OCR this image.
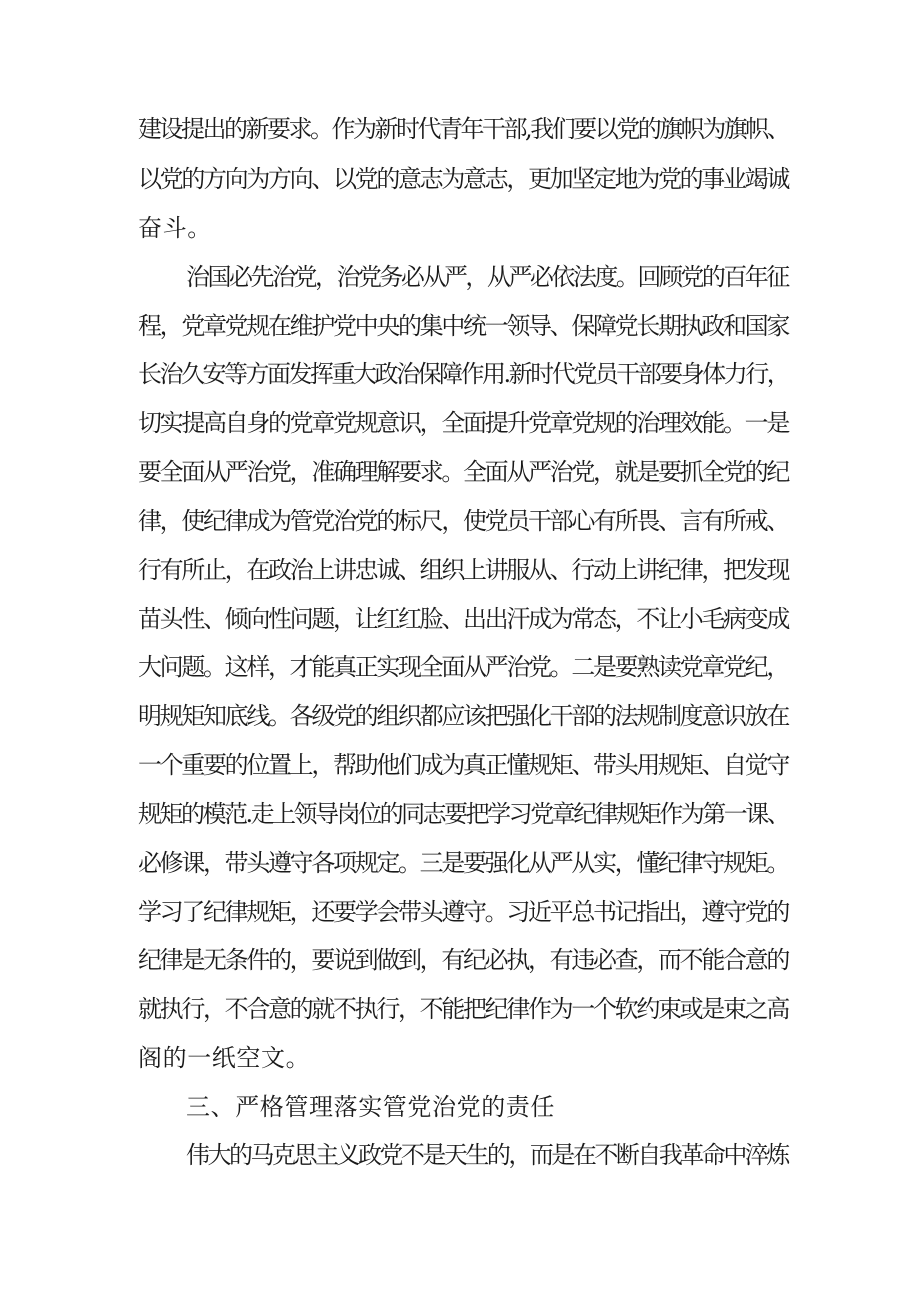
建设提出的新要求。作为新时代青年干部,我们要以党的旗帜为旗帜、
以党的方向为方向、以党的意志为意志，更加坚定地为党的事业竭诚
奋斗。
治国必先治党，治党务必从严，从严必依法度。回顾党的百年征
程，党章党规在维护党中央的集中统一领导、保障党长期执政和国家
长治久安等方面发挥重大政治保障作用.新时代党员干部要身体力行，
切实提高自身的党章党规意识，全面提升党章党规的治理效能。一是
要全面从严治党，准确理解要求。全面从严治党，就是要抓全党的纪
律，使纪律成为管党治党的标尺，使党员干部心有所畏、言有所戒、
行有所止，在政治上讲忠诚、组织上讲服从、行动上讲纪律，把发现
苗头性、倾向性问题，让红红脸、出出汗成为常态，不让小毛病变成
大问题。这样，才能真正实现全面从严治党。二是要熟读党章党纪，
明规矩知底线。各级党的组织都应该把强化干部的法规制度意识放在
一个重要的位置上，帮助他们成为真正懂规矩、带头用规矩、自觉守
规矩的模范.走上领导岗位的同志要把学习党章纪律规矩作为第一课、
必修课，带头遵守各项规定。三是要强化从严从实，懂纪律守规矩。
学习了纪律规矩，还要学会带头遵守。习近平总书记指出，遵守党的
纪律是无条件的，要说到做到，有纪必执，有违必查，而不能合意的
就执行，不合意的就不执行，不能把纪律作为一个软约束或是束之高
阁的一纸空文。
三、严格管理落实管党治党的责任
伟大的马克思主义政党不是天生的，而是在不断自我革命中淬炼
